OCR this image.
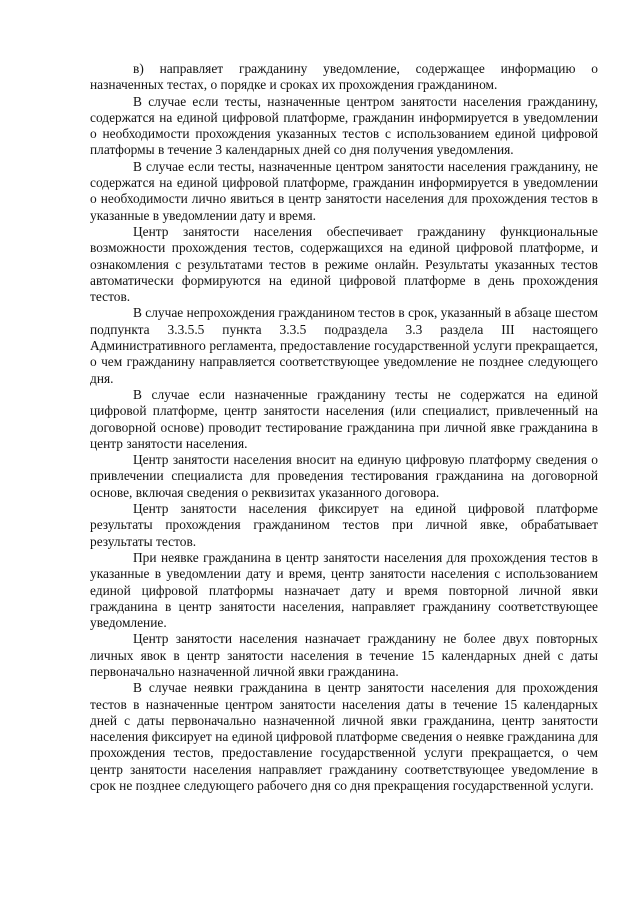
в) направляет гражданину уведомление, содержащее информацию о назначенных тестах, о порядке и сроках их прохождения гражданином.

В случае если тесты, назначенные центром занятости населения гражданину, содержатся на единой цифровой платформе, гражданин информируется в уведомлении о необходимости прохождения указанных тестов с использованием единой цифровой платформы в течение 3 календарных дней со дня получения уведомления.

В случае если тесты, назначенные центром занятости населения гражданину, не содержатся на единой цифровой платформе, гражданин информируется в уведомлении о необходимости лично явиться в центр занятости населения для прохождения тестов в указанные в уведомлении дату и время.

Центр занятости населения обеспечивает гражданину функциональные возможности прохождения тестов, содержащихся на единой цифровой платформе, и ознакомления с результатами тестов в режиме онлайн. Результаты указанных тестов автоматически формируются на единой цифровой платформе в день прохождения тестов.

В случае непрохождения гражданином тестов в срок, указанный в абзаце шестом подпункта 3.3.5.5 пункта 3.3.5 подраздела 3.3 раздела III настоящего Административного регламента, предоставление государственной услуги прекращается, о чем гражданину направляется соответствующее уведомление не позднее следующего дня.

В случае если назначенные гражданину тесты не содержатся на единой цифровой платформе, центр занятости населения (или специалист, привлеченный на договорной основе) проводит тестирование гражданина при личной явке гражданина в центр занятости населения.

Центр занятости населения вносит на единую цифровую платформу сведения о привлечении специалиста для проведения тестирования гражданина на договорной основе, включая сведения о реквизитах указанного договора.

Центр занятости населения фиксирует на единой цифровой платформе результаты прохождения гражданином тестов при личной явке, обрабатывает результаты тестов.

При неявке гражданина в центр занятости населения для прохождения тестов в указанные в уведомлении дату и время, центр занятости населения с использованием единой цифровой платформы назначает дату и время повторной личной явки гражданина в центр занятости населения, направляет гражданину соответствующее уведомление.

Центр занятости населения назначает гражданину не более двух повторных личных явок в центр занятости населения в течение 15 календарных дней с даты первоначально назначенной личной явки гражданина.

В случае неявки гражданина в центр занятости населения для прохождения тестов в назначенные центром занятости населения даты в течение 15 календарных дней с даты первоначально назначенной личной явки гражданина, центр занятости населения фиксирует на единой цифровой платформе сведения о неявке гражданина для прохождения тестов, предоставление государственной услуги прекращается, о чем центр занятости населения направляет гражданину соответствующее уведомление в срок не позднее следующего рабочего дня со дня прекращения государственной услуги.
